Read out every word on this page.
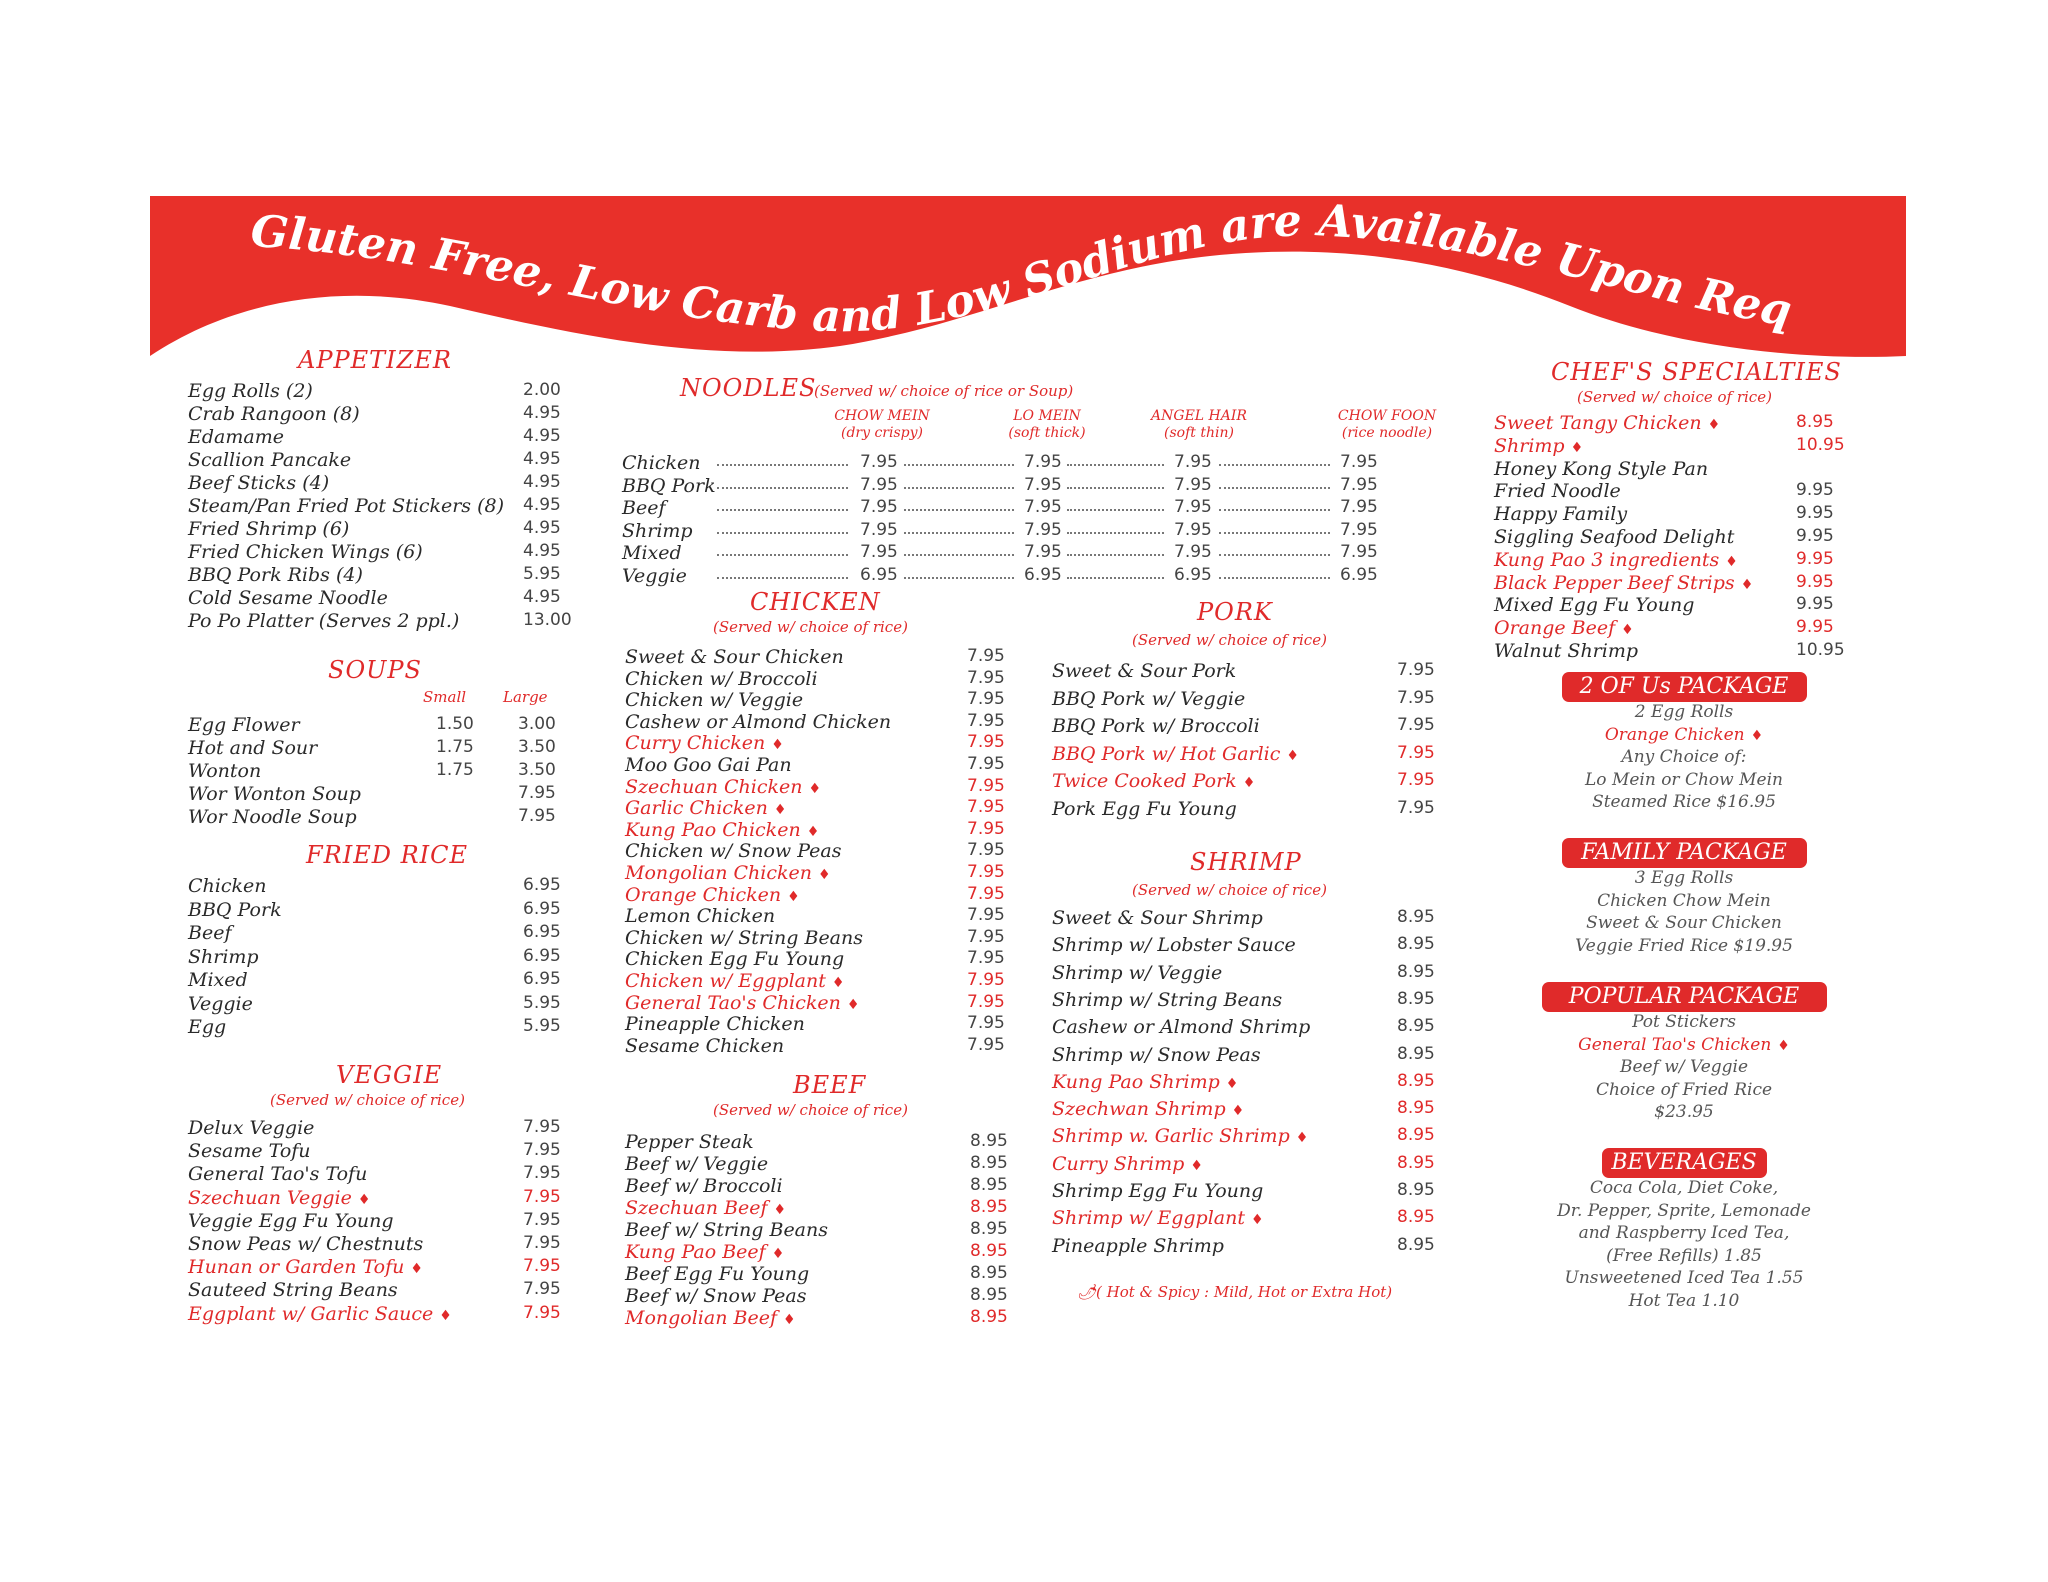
Gluten Free, Low Carb and Low Sodium are Available Upon Request.
APPETIZER
Egg Rolls (2)	2.00
Crab Rangoon (8)	4.95
Edamame	4.95
Scallion Pancake	4.95
Beef Sticks (4)	4.95
Steam/Pan Fried Pot Stickers (8) 4.95
Fried Shrimp (6)	4.95
Fried Chicken Wings (6)	4.95
BBQ Pork Ribs (4)	5.95
Cold Sesame Noodle	4.95
Po Po Platter (Serves 2 ppl.)	13.00
SOUPS
Small Large
Egg Flower	1.50	3.00
Hot and Sour	1.75	3.50
Wonton	1.75	3.50
Wor Wonton Soup	7.95
Wor Noodle Soup	7.95
FRIED RICE
Chicken	6.95
BBQ Pork	6.95
Beef	6.95
Shrimp	6.95
Mixed	6.95
Veggie	5.95
Egg	5.95
VEGGIE
(Served w/ choice of rice)
Delux Veggie	7.95
Sesame Tofu	7.95
General Tao's Tofu	7.95
Szechuan Veggie ♦	7.95
Veggie Egg Fu Young	7.95
Snow Peas w/ Chestnuts	7.95
Hunan or Garden Tofu ♦	7.95
Sauteed String Beans	7.95
Eggplant w/ Garlic Sauce ♦	7.95
NOODLES
(Served w/ choice of rice or Soup)
CHOW MEIN
(dry crispy)
LO MEIN
(soft thick)
ANGEL HAIR
(soft thin)
CHOW FOON
(rice noodle)
Chicken	7.95	7.95	7.95	7.95
BBQ Pork	7.95	7.95	7.95	7.95
Beef	7.95	7.95	7.95	7.95
Shrimp	7.95	7.95	7.95	7.95
Mixed	7.95	7.95	7.95	7.95
Veggie	6.95	6.95	6.95	6.95
CHICKEN
(Served w/ choice of rice)
Sweet & Sour Chicken	7.95
Chicken w/ Broccoli	7.95
Chicken w/ Veggie	7.95
Cashew or Almond Chicken	7.95
Curry Chicken ♦	7.95
Moo Goo Gai Pan	7.95
Szechuan Chicken ♦	7.95
Garlic Chicken ♦	7.95
Kung Pao Chicken ♦	7.95
Chicken w/ Snow Peas	7.95
Mongolian Chicken ♦	7.95
Orange Chicken ♦	7.95
Lemon Chicken	7.95
Chicken w/ String Beans	7.95
Chicken Egg Fu Young	7.95
Chicken w/ Eggplant ♦	7.95
General Tao's Chicken ♦	7.95
Pineapple Chicken	7.95
Sesame Chicken	7.95
BEEF
(Served w/ choice of rice)
Pepper Steak	8.95
Beef w/ Veggie	8.95
Beef w/ Broccoli	8.95
Szechuan Beef ♦	8.95
Beef w/ String Beans	8.95
Kung Pao Beef ♦	8.95
Beef Egg Fu Young	8.95
Beef w/ Snow Peas	8.95
Mongolian Beef ♦	8.95
PORK
(Served w/ choice of rice)
Sweet & Sour Pork	7.95
BBQ Pork w/ Veggie	7.95
BBQ Pork w/ Broccoli	7.95
BBQ Pork w/ Hot Garlic ♦	7.95
Twice Cooked Pork ♦	7.95
Pork Egg Fu Young	7.95
SHRIMP
(Served w/ choice of rice)
Sweet & Sour Shrimp	8.95
Shrimp w/ Lobster Sauce	8.95
Shrimp w/ Veggie	8.95
Shrimp w/ String Beans	8.95
Cashew or Almond Shrimp	8.95
Shrimp w/ Snow Peas	8.95
Kung Pao Shrimp ♦	8.95
Szechwan Shrimp ♦	8.95
Shrimp w. Garlic Shrimp ♦	8.95
Curry Shrimp ♦	8.95
Shrimp Egg Fu Young	8.95
Shrimp w/ Eggplant ♦	8.95
Pineapple Shrimp	8.95
🌶︎( Hot & Spicy : Mild, Hot or Extra Hot)
CHEF'S SPECIALTIES
(Served w/ choice of rice)
Sweet Tangy Chicken ♦	8.95
Shrimp ♦	10.95
Honey Kong Style Pan
Fried Noodle	9.95
Happy Family	9.95
Siggling Seafood Delight	9.95
Kung Pao 3 ingredients ♦	9.95
Black Pepper Beef Strips ♦	9.95
Mixed Egg Fu Young	9.95
Orange Beef ♦	9.95
Walnut Shrimp	10.95
2 OF Us PACKAGE
2 Egg Rolls
Orange Chicken ♦
Any Choice of:
Lo Mein or Chow Mein
Steamed Rice $16.95
FAMILY PACKAGE
3 Egg Rolls
Chicken Chow Mein
Sweet & Sour Chicken
Veggie Fried Rice $19.95
POPULAR PACKAGE
Pot Stickers
General Tao's Chicken ♦
Beef w/ Veggie
Choice of Fried Rice
$23.95
BEVERAGES
Coca Cola, Diet Coke,
Dr. Pepper, Sprite, Lemonade
and Raspberry Iced Tea,
(Free Refills) 1.85
Unsweetened Iced Tea 1.55
Hot Tea 1.10
